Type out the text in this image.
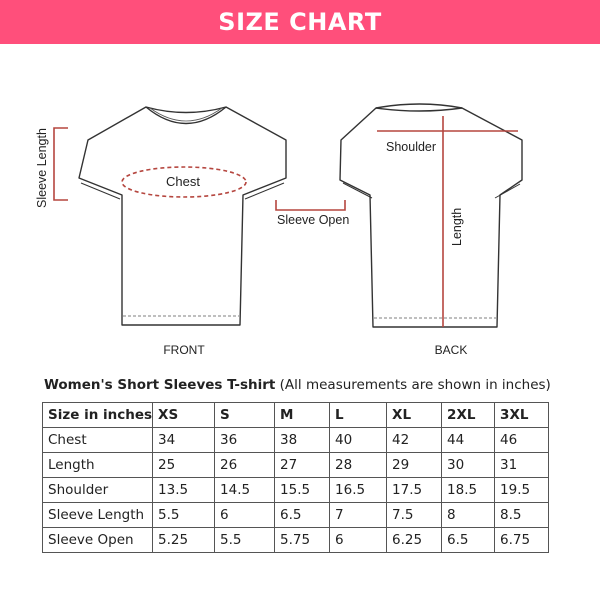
SIZE CHART
Sleeve Length	Chest
Sleeve Open
Shoulder
Length
FRONT	BACK
Women's Short Sleeves T-shirt (All measurements are shown in inches)
Size in inches	XS	S	M	L	XL	2XL	3XL
Chest	34	36	38	40	42	44	46
Length	25	26	27	28	29	30	31
Shoulder	13.5	14.5	15.5	16.5	17.5	18.5	19.5
Sleeve Length	5.5	6	6.5	7	7.5	8	8.5
Sleeve Open	5.25	5.5	5.75	6	6.25	6.5	6.75
